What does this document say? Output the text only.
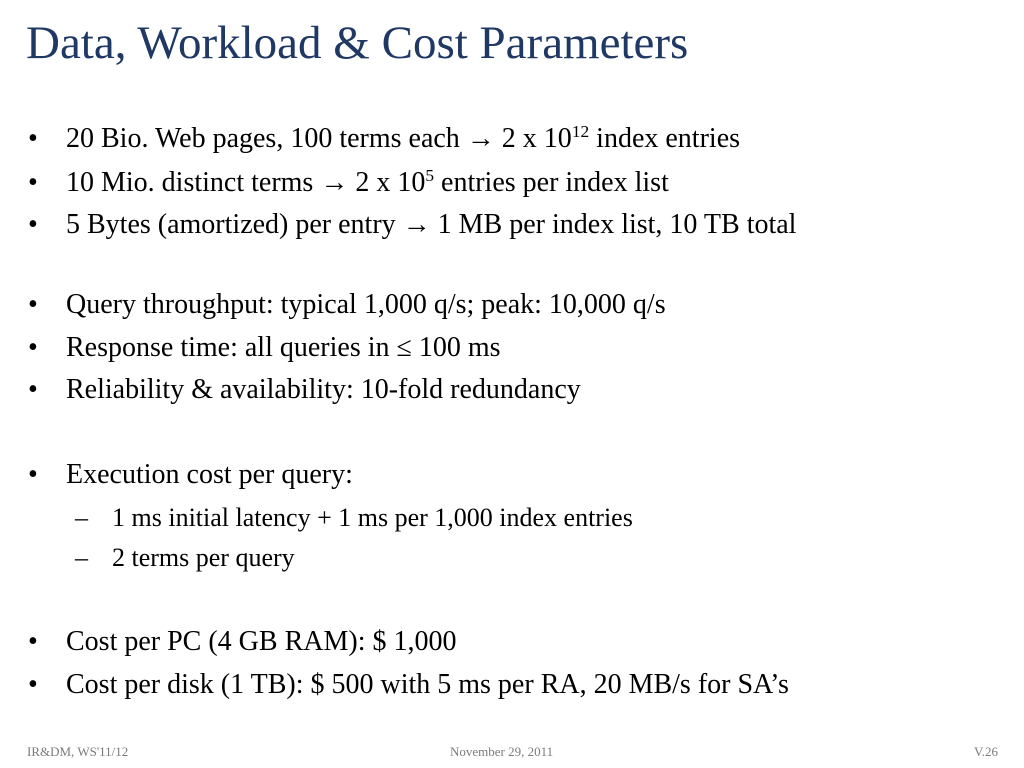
Data, Workload & Cost Parameters
• 20 Bio. Web pages, 100 terms each → 2 x $10^{12}$ index entries
• 10 Mio. distinct terms → 2 x $10^5$ entries per index list
• 5 Bytes (amortized) per entry → 1 MB per index list, 10 TB total
• Query throughput: typical 1,000 q/s; peak: 10,000 q/s
• Response time: all queries in ≤ 100 ms
• Reliability & availability: 10-fold redundancy
• Execution cost per query:
– 1 ms initial latency + 1 ms per 1,000 index entries
– 2 terms per query
• Cost per PC (4 GB RAM): $ 1,000
• Cost per disk (1 TB): $ 500 with 5 ms per RA, 20 MB/s for SA’s
IR&DM, WS'11/12	November 29, 2011	V.26
